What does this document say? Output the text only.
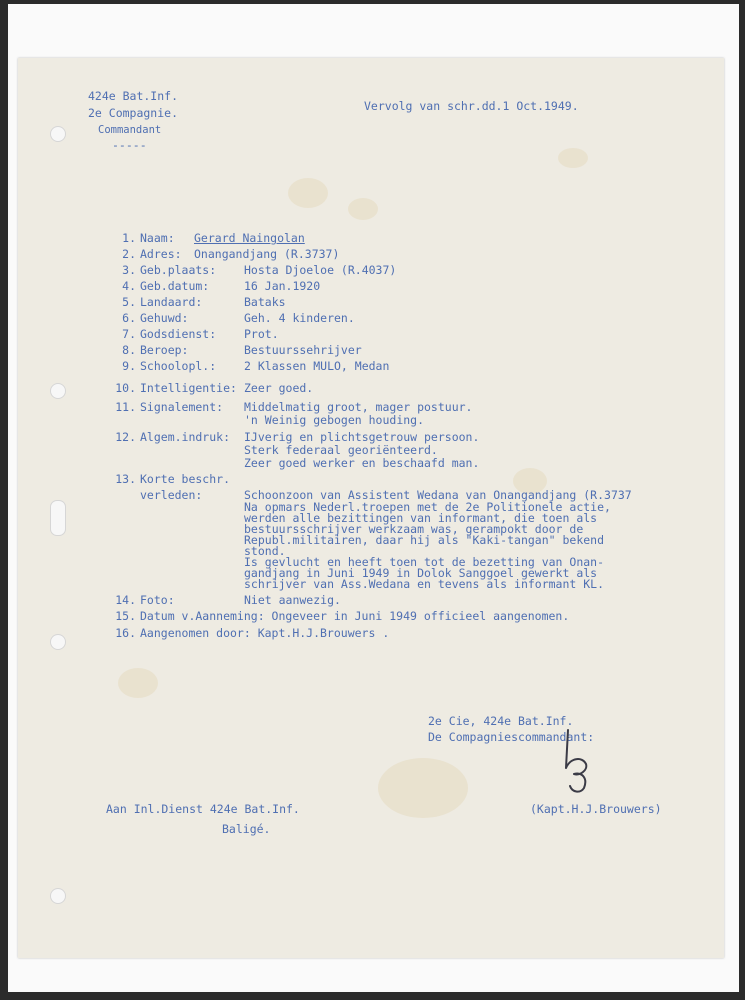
424e Bat.Inf.
2e Compagnie.
Commandant
-----
Vervolg van schr.dd.1 Oct.1949.
1. Naam: Gerard Naingolan
2. Adres: Onangandjang (R.3737)
3. Geb.plaats: Hosta Djoeloe (R.4037)
4. Geb.datum:	16 Jan.1920
5. Landaard:	Bataks
6. Gehuwd:	Geh. 4 kinderen.
7. Godsdienst: Prot.
8. Beroep:	Bestuurssehrijver
9. Schoolopl.: 2 Klassen MULO, Medan
10. Intelligentie: Zeer goed.
11. Signalement: Middelmatig groot, mager postuur.
'n Weinig gebogen houding.
12. Algem.indruk: IJverig en plichtsgetrouw persoon.
Sterk federaal georiënteerd.
Zeer goed werker en beschaafd man.
13. Korte beschr.
verleden:	Schoonzoon van Assistent Wedana van Onangandjang (R.3737
Na opmars Nederl.troepen met de 2e Politionele actie,
werden alle bezittingen van informant, die toen als
bestuursschrijver werkzaam was, gerampokt door de
Republ.militairen, daar hij als "Kaki-tangan" bekend
stond.
Is gevlucht en heeft toen tot de bezetting van Onan-
gandjang in Juni 1949 in Dolok Sanggoel gewerkt als
schrijver van Ass.Wedana en tevens als informant KL.
14. Foto:	Niet aanwezig.
15. Datum v.Aanneming: Ongeveer in Juni 1949 officieel aangenomen.
16. Aangenomen door: Kapt.H.J.Brouwers .
2e Cie, 424e Bat.Inf.
De Compagniescommandant:
(Kapt.H.J.Brouwers)
Aan Inl.Dienst 424e Bat.Inf.
Baligé.
